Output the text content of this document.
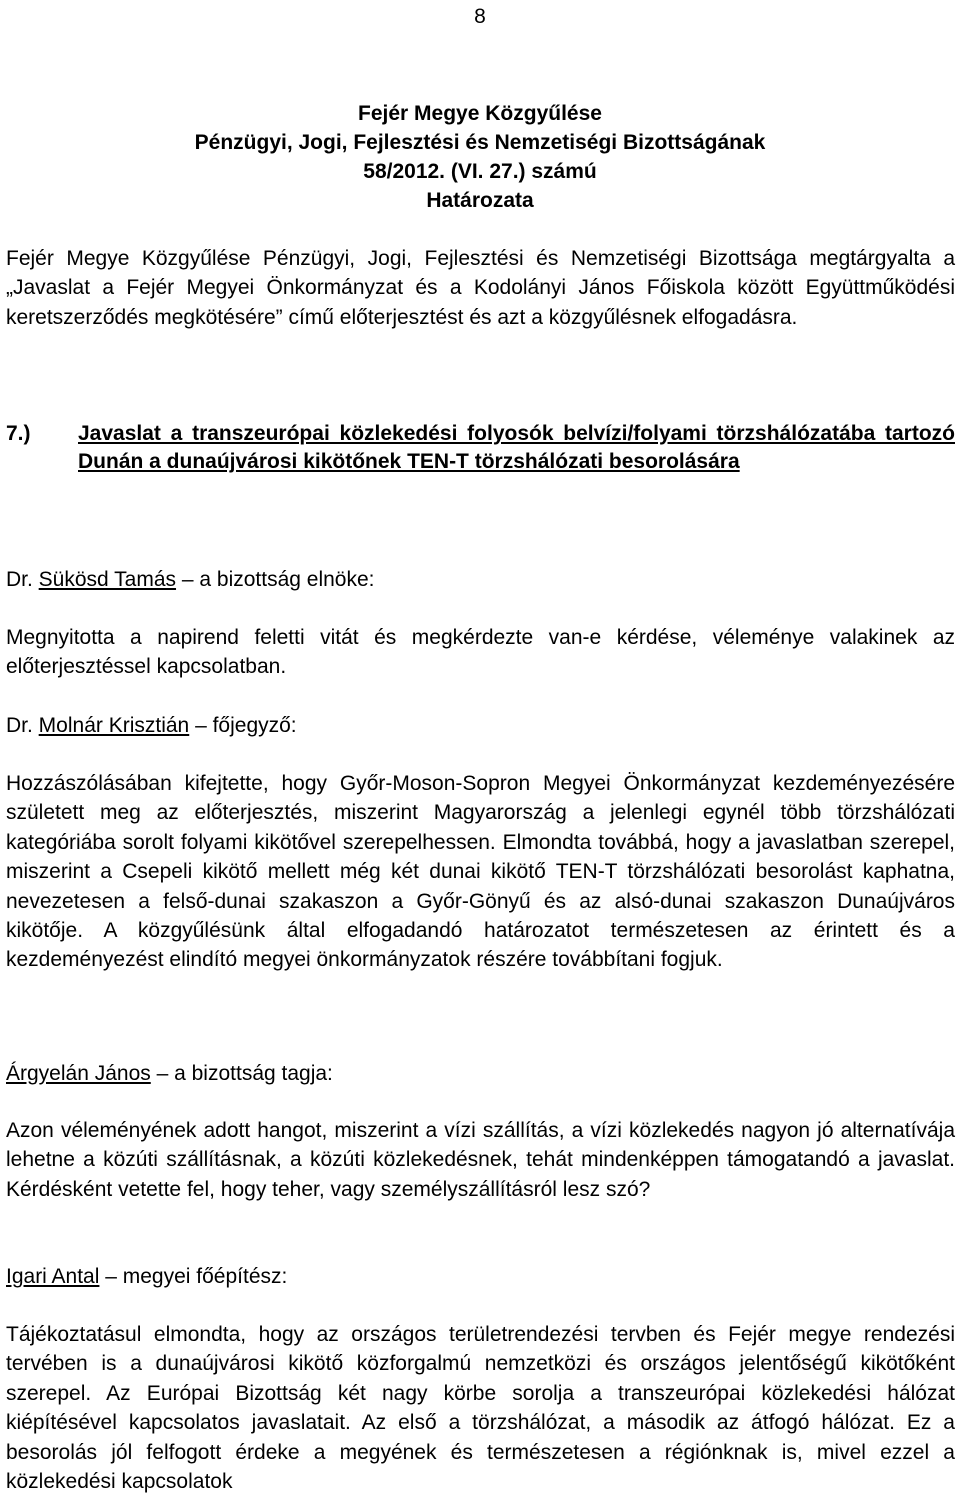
8
Fejér Megye Közgyűlése
Pénzügyi, Jogi, Fejlesztési és Nemzetiségi Bizottságának
58/2012. (VI. 27.) számú
Határozata

Fejér Megye Közgyűlése Pénzügyi, Jogi, Fejlesztési és Nemzetiségi Bizottsága megtárgyalta a „Javaslat a Fejér Megyei Önkormányzat és a Kodolányi János Főiskola között Együttműködési keretszerződés megkötésére” című előterjesztést és azt a közgyűlésnek elfogadásra.

7.)	Javaslat a transzeurópai közlekedési folyosók belvízi/folyami törzshálózatába tartozó Dunán a dunaújvárosi kikötőnek TEN-T törzshálózati besorolására
Dr. Sükösd Tamás – a bizottság elnöke:

Megnyitotta a napirend feletti vitát és megkérdezte van-e kérdése, véleménye valakinek az előterjesztéssel kapcsolatban.

Dr. Molnár Krisztián – főjegyző:

Hozzászólásában kifejtette, hogy Győr-Moson-Sopron Megyei Önkormányzat kezdeményezésére született meg az előterjesztés, miszerint Magyarország a jelenlegi egynél több törzshálózati kategóriába sorolt folyami kikötővel szerepelhessen. Elmondta továbbá, hogy a javaslatban szerepel, miszerint a Csepeli kikötő mellett még két dunai kikötő TEN-T törzshálózati besorolást kaphatna, nevezetesen a felső-dunai szakaszon a Győr-Gönyű és az alsó-dunai szakaszon Dunaújváros kikötője. A közgyűlésünk által elfogadandó határozatot természetesen az érintett és a kezdeményezést elindító megyei önkormányzatok részére továbbítani fogjuk.

Árgyelán János – a bizottság tagja:

Azon véleményének adott hangot, miszerint a vízi szállítás, a vízi közlekedés nagyon jó alternatívája lehetne a közúti szállításnak, a közúti közlekedésnek, tehát mindenképpen támogatandó a javaslat. Kérdésként vetette fel, hogy teher, vagy személyszállításról lesz szó?

Igari Antal – megyei főépítész:

Tájékoztatásul elmondta, hogy az országos területrendezési tervben és Fejér megye rendezési tervében is a dunaújvárosi kikötő közforgalmú nemzetközi és országos jelentőségű kikötőként szerepel. Az Európai Bizottság két nagy körbe sorolja a transzeurópai közlekedési hálózat kiépítésével kapcsolatos javaslatait. Az első a törzshálózat, a második az átfogó hálózat. Ez a besorolás jól felfogott érdeke a megyének és természetesen a régiónknak is, mivel ezzel a közlekedési kapcsolatok
